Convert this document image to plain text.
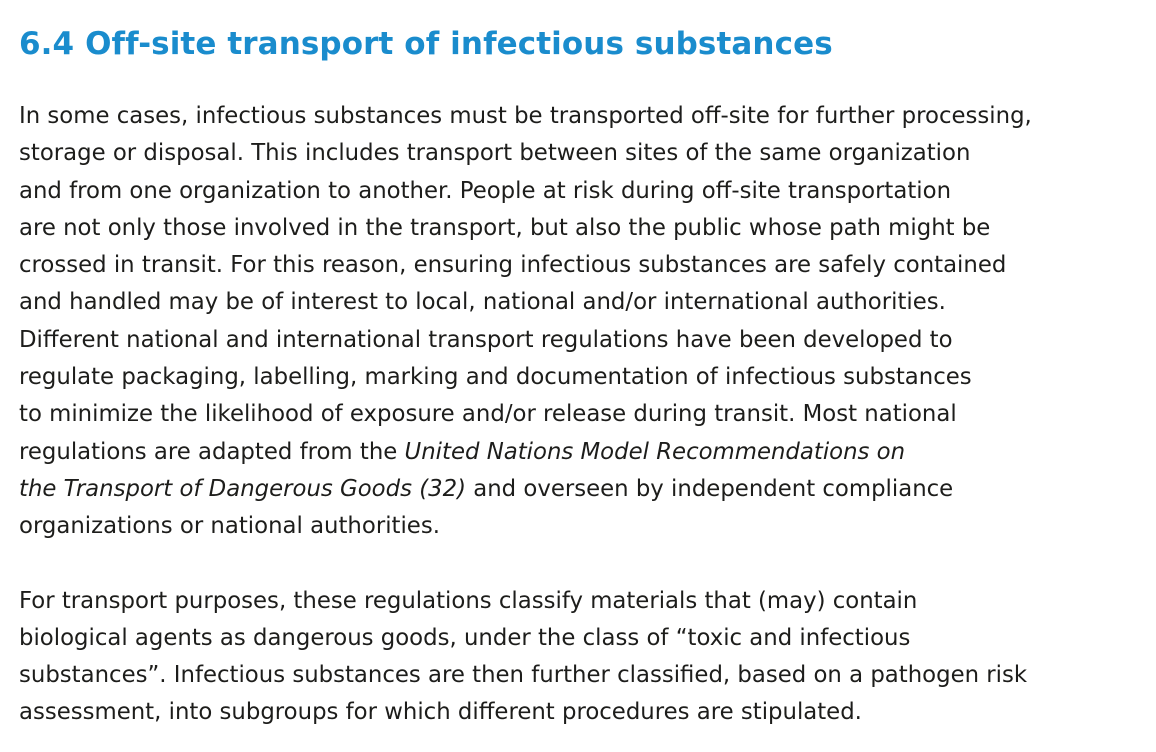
6.4 Off-site transport of infectious substances

In some cases, infectious substances must be transported off-site for further processing,
storage or disposal. This includes transport between sites of the same organization
and from one organization to another. People at risk during off-site transportation
are not only those involved in the transport, but also the public whose path might be
crossed in transit. For this reason, ensuring infectious substances are safely contained
and handled may be of interest to local, national and/or international authorities.
Different national and international transport regulations have been developed to
regulate packaging, labelling, marking and documentation of infectious substances
to minimize the likelihood of exposure and/or release during transit. Most national
regulations are adapted from the United Nations Model Recommendations on
the Transport of Dangerous Goods (32) and overseen by independent compliance
organizations or national authorities.

For transport purposes, these regulations classify materials that (may) contain
biological agents as dangerous goods, under the class of “toxic and infectious
substances”. Infectious substances are then further classified, based on a pathogen risk
assessment, into subgroups for which different procedures are stipulated.
